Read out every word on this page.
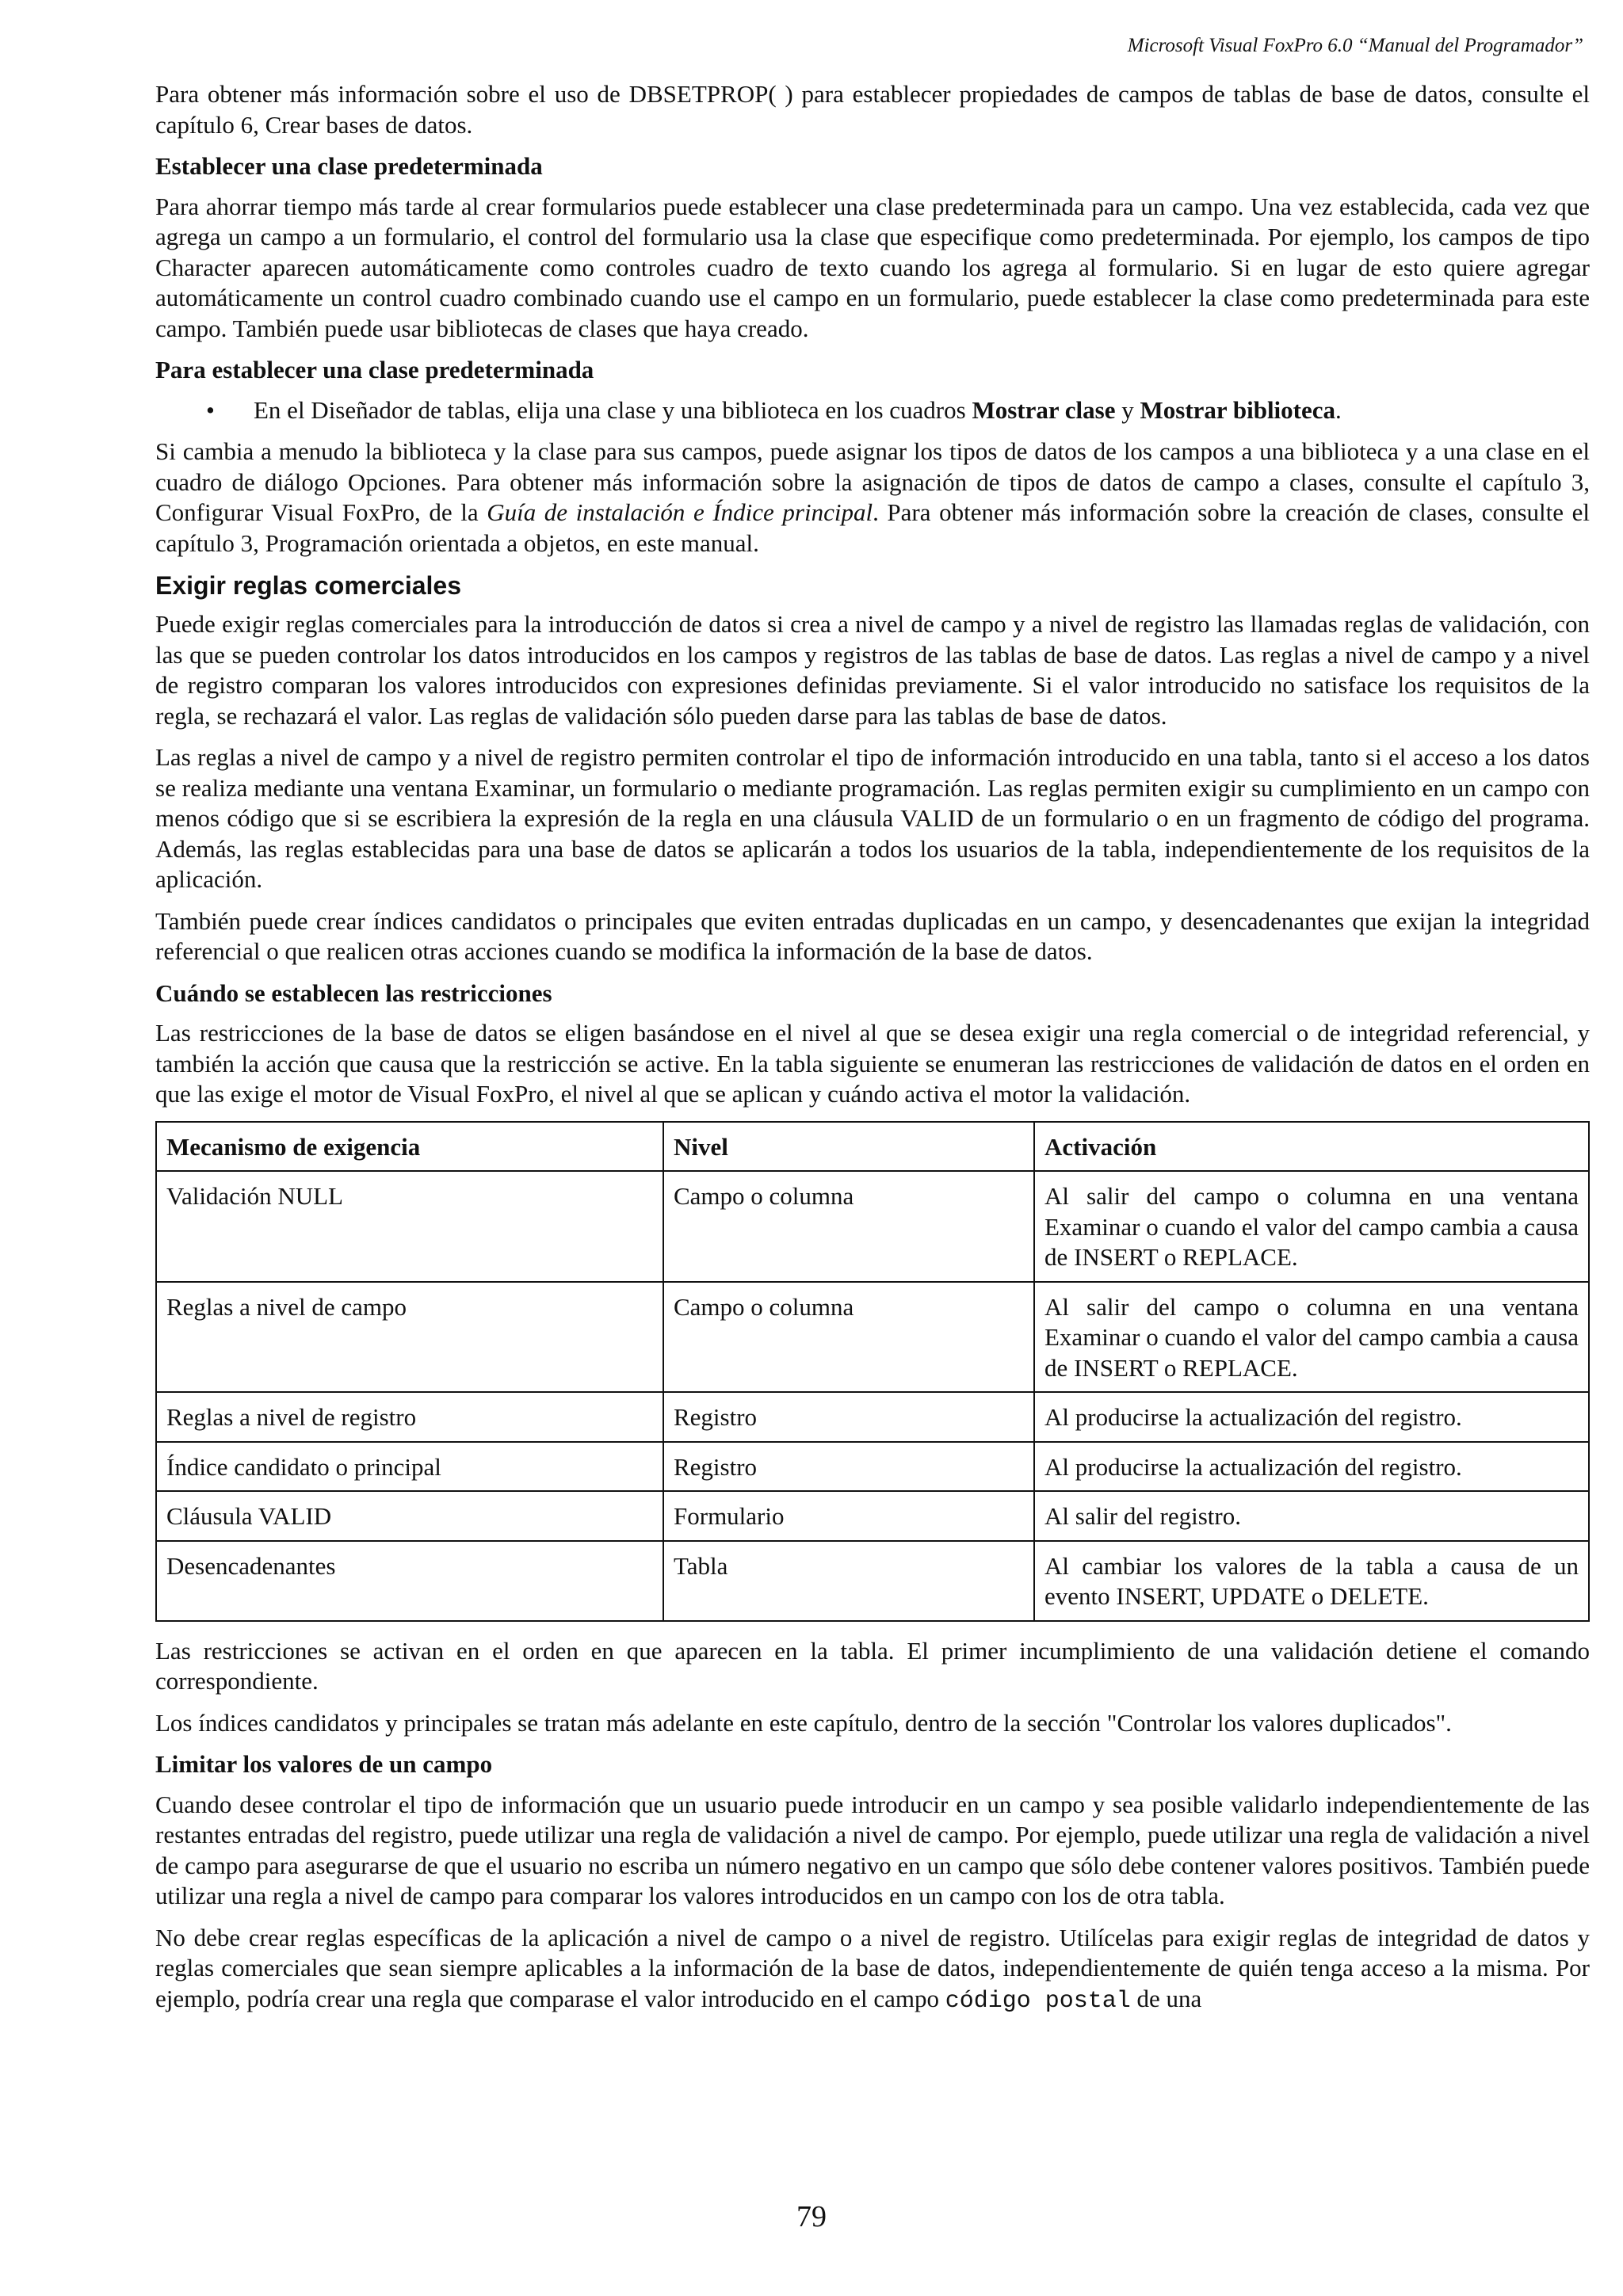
Microsoft Visual FoxPro 6.0 “Manual del Programador”

Para obtener más información sobre el uso de DBSETPROP( ) para establecer propiedades de campos de tablas de base de datos, consulte el capítulo 6, Crear bases de datos.

Establecer una clase predeterminada

Para ahorrar tiempo más tarde al crear formularios puede establecer una clase predeterminada para un campo. Una vez establecida, cada vez que agrega un campo a un formulario, el control del formulario usa la clase que especifique como predeterminada. Por ejemplo, los campos de tipo Character aparecen automáticamente como controles cuadro de texto cuando los agrega al formulario. Si en lugar de esto quiere agregar automáticamente un control cuadro combinado cuando use el campo en un formulario, puede establecer la clase como predeterminada para este campo. También puede usar bibliotecas de clases que haya creado.

Para establecer una clase predeterminada
• En el Diseñador de tablas, elija una clase y una biblioteca en los cuadros Mostrar clase y Mostrar biblioteca.

Si cambia a menudo la biblioteca y la clase para sus campos, puede asignar los tipos de datos de los campos a una biblioteca y a una clase en el cuadro de diálogo Opciones. Para obtener más información sobre la asignación de tipos de datos de campo a clases, consulte el capítulo 3, Configurar Visual FoxPro, de la Guía de instalación e Índice principal. Para obtener más información sobre la creación de clases, consulte el capítulo 3, Programación orientada a objetos, en este manual.

Exigir reglas comerciales

Puede exigir reglas comerciales para la introducción de datos si crea a nivel de campo y a nivel de registro las llamadas reglas de validación, con las que se pueden controlar los datos introducidos en los campos y registros de las tablas de base de datos. Las reglas a nivel de campo y a nivel de registro comparan los valores introducidos con expresiones definidas previamente. Si el valor introducido no satisface los requisitos de la regla, se rechazará el valor. Las reglas de validación sólo pueden darse para las tablas de base de datos.

Las reglas a nivel de campo y a nivel de registro permiten controlar el tipo de información introducido en una tabla, tanto si el acceso a los datos se realiza mediante una ventana Examinar, un formulario o mediante programación. Las reglas permiten exigir su cumplimiento en un campo con menos código que si se escribiera la expresión de la regla en una cláusula VALID de un formulario o en un fragmento de código del programa. Además, las reglas establecidas para una base de datos se aplicarán a todos los usuarios de la tabla, independientemente de los requisitos de la aplicación.

También puede crear índices candidatos o principales que eviten entradas duplicadas en un campo, y desencadenantes que exijan la integridad referencial o que realicen otras acciones cuando se modifica la información de la base de datos.

Cuándo se establecen las restricciones

Las restricciones de la base de datos se eligen basándose en el nivel al que se desea exigir una regla comercial o de integridad referencial, y también la acción que causa que la restricción se active. En la tabla siguiente se enumeran las restricciones de validación de datos en el orden en que las exige el motor de Visual FoxPro, el nivel al que se aplican y cuándo activa el motor la validación.

Mecanismo de exigencia	Nivel	Activación
Validación NULL	Campo o columna	Al salir del campo o columna en una ventana Examinar o cuando el valor del campo cambia a causa de INSERT o REPLACE.
Reglas a nivel de campo	Campo o columna	Al salir del campo o columna en una ventana Examinar o cuando el valor del campo cambia a causa de INSERT o REPLACE.
Reglas a nivel de registro	Registro	Al producirse la actualización del registro.
Índice candidato o principal	Registro	Al producirse la actualización del registro.
Cláusula VALID	Formulario	Al salir del registro.
Desencadenantes	Tabla	Al cambiar los valores de la tabla a causa de un evento INSERT, UPDATE o DELETE.

Las restricciones se activan en el orden en que aparecen en la tabla. El primer incumplimiento de una validación detiene el comando correspondiente.

Los índices candidatos y principales se tratan más adelante en este capítulo, dentro de la sección "Controlar los valores duplicados".

Limitar los valores de un campo

Cuando desee controlar el tipo de información que un usuario puede introducir en un campo y sea posible validarlo independientemente de las restantes entradas del registro, puede utilizar una regla de validación a nivel de campo. Por ejemplo, puede utilizar una regla de validación a nivel de campo para asegurarse de que el usuario no escriba un número negativo en un campo que sólo debe contener valores positivos. También puede utilizar una regla a nivel de campo para comparar los valores introducidos en un campo con los de otra tabla.

No debe crear reglas específicas de la aplicación a nivel de campo o a nivel de registro. Utilícelas para exigir reglas de integridad de datos y reglas comerciales que sean siempre aplicables a la información de la base de datos, independientemente de quién tenga acceso a la misma. Por ejemplo, podría crear una regla que comparase el valor introducido en el campo código postal de una

79
